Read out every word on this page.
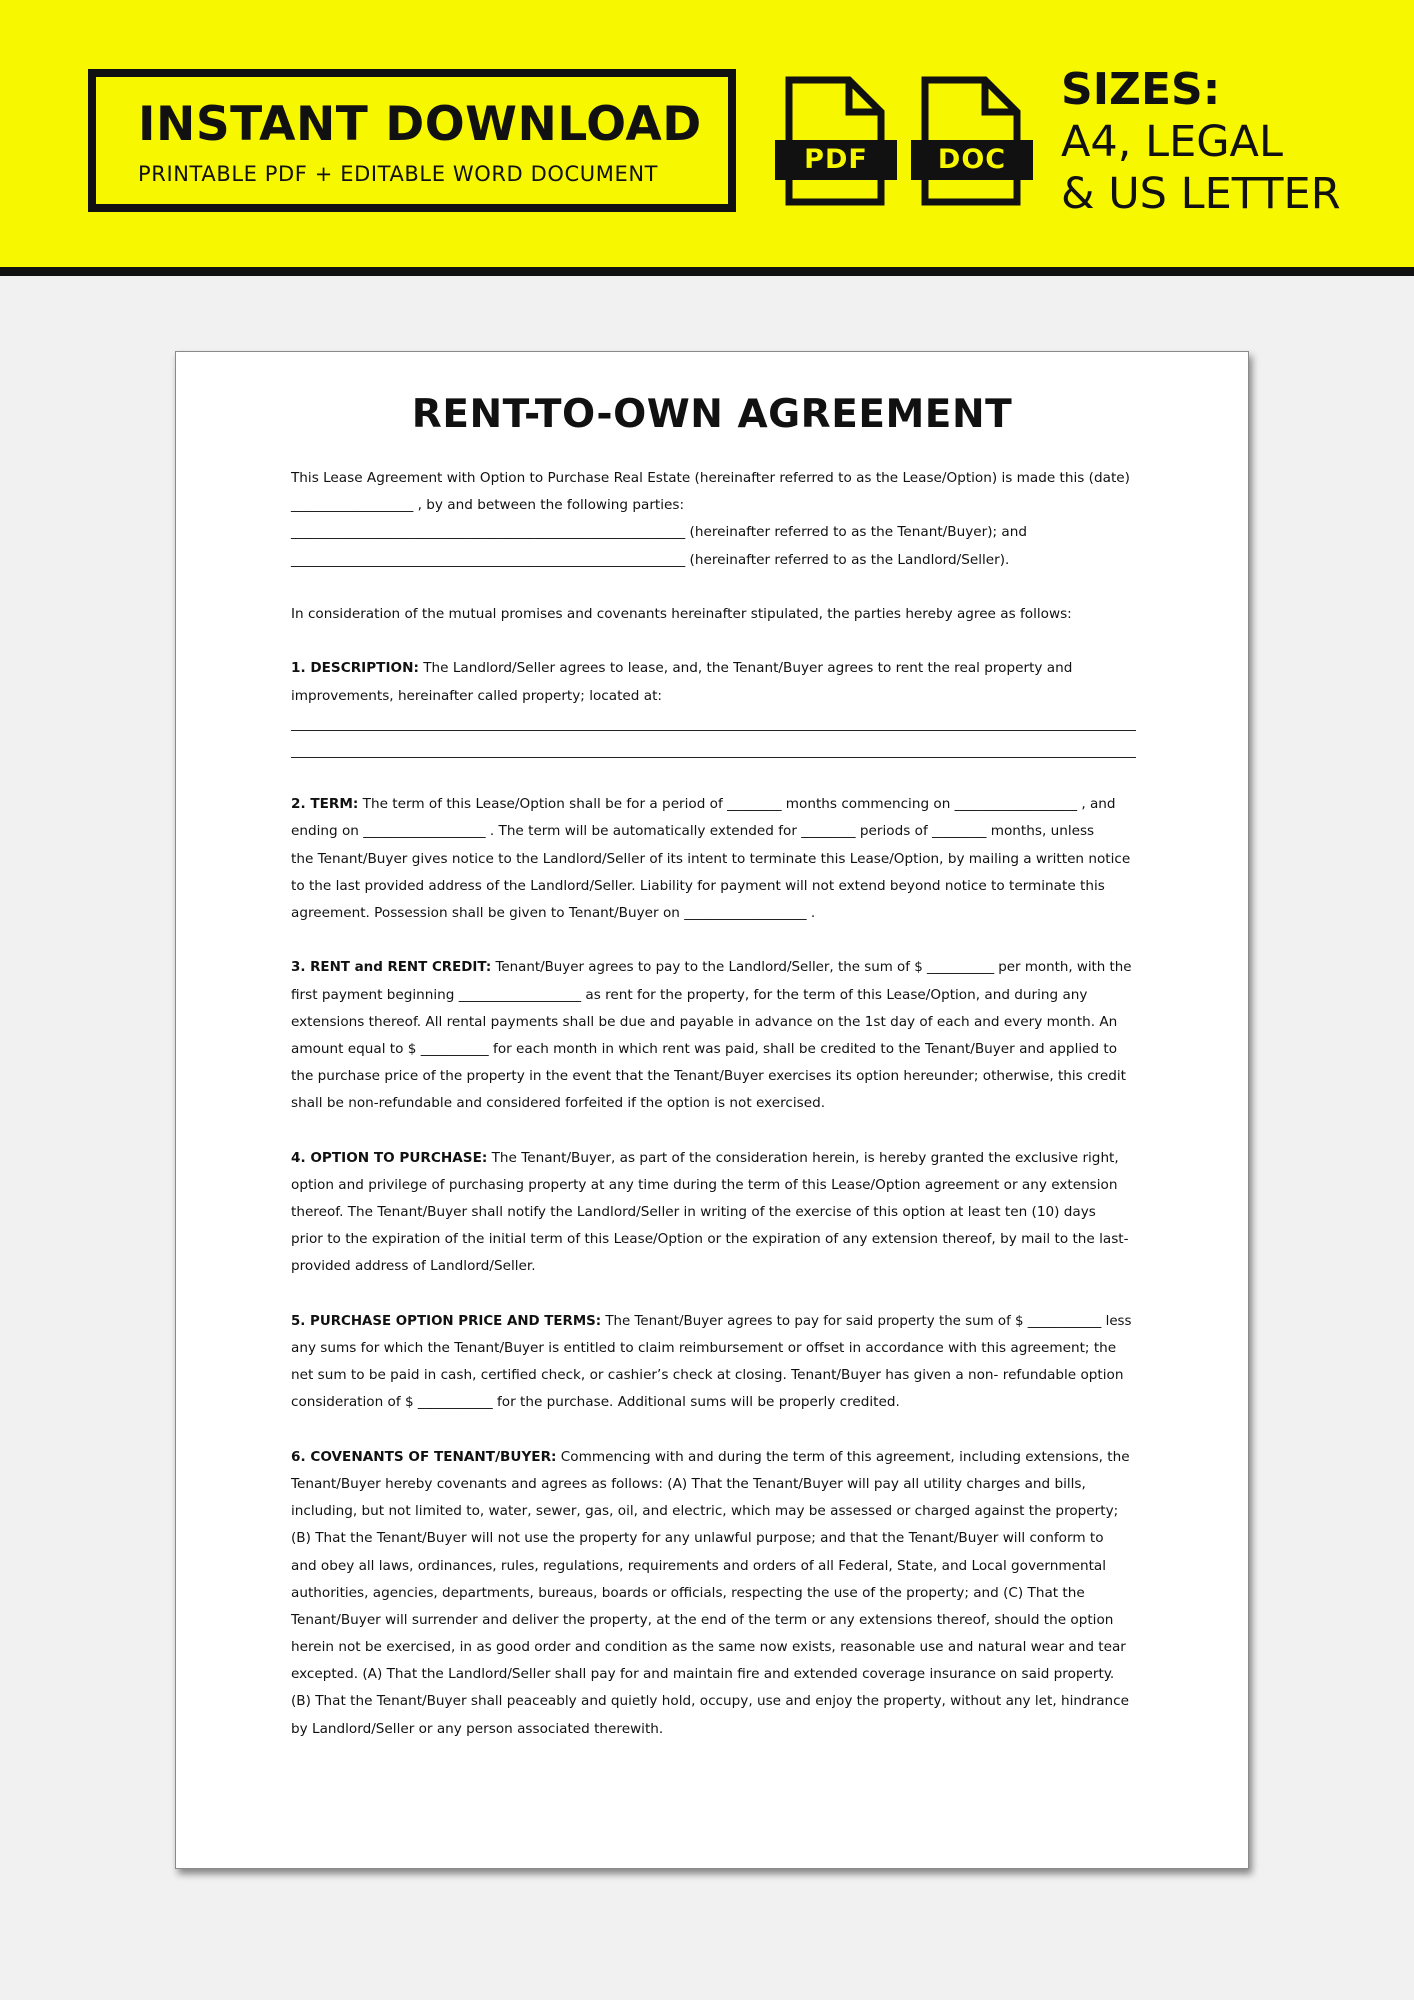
INSTANT DOWNLOAD
PRINTABLE PDF + EDITABLE WORD DOCUMENT	PDF	DOC
SIZES:
A4, LEGAL
& US LETTER
RENT-TO-OWN AGREEMENT
This Lease Agreement with Option to Purchase Real Estate (hereinafter referred to as the Lease/Option) is made this (date)
__________________ , by and between the following parties:
__________________________________________________________ (hereinafter referred to as the Tenant/Buyer); and
__________________________________________________________ (hereinafter referred to as the Landlord/Seller).
In consideration of the mutual promises and covenants hereinafter stipulated, the parties hereby agree as follows:
1. DESCRIPTION: The Landlord/Seller agrees to lease, and, the Tenant/Buyer agrees to rent the real property and
improvements, hereinafter called property; located at:
2. TERM: The term of this Lease/Option shall be for a period of ________ months commencing on __________________ , and
ending on __________________ . The term will be automatically extended for ________ periods of ________ months, unless
the Tenant/Buyer gives notice to the Landlord/Seller of its intent to terminate this Lease/Option, by mailing a written notice
to the last provided address of the Landlord/Seller. Liability for payment will not extend beyond notice to terminate this
agreement. Possession shall be given to Tenant/Buyer on __________________ .
3. RENT and RENT CREDIT: Tenant/Buyer agrees to pay to the Landlord/Seller, the sum of $ __________ per month, with the
first payment beginning __________________ as rent for the property, for the term of this Lease/Option, and during any
extensions thereof. All rental payments shall be due and payable in advance on the 1st day of each and every month. An
amount equal to $ __________ for each month in which rent was paid, shall be credited to the Tenant/Buyer and applied to
the purchase price of the property in the event that the Tenant/Buyer exercises its option hereunder; otherwise, this credit
shall be non-refundable and considered forfeited if the option is not exercised.
4. OPTION TO PURCHASE: The Tenant/Buyer, as part of the consideration herein, is hereby granted the exclusive right,
option and privilege of purchasing property at any time during the term of this Lease/Option agreement or any extension
thereof. The Tenant/Buyer shall notify the Landlord/Seller in writing of the exercise of this option at least ten (10) days
prior to the expiration of the initial term of this Lease/Option or the expiration of any extension thereof, by mail to the last-
provided address of Landlord/Seller.
5. PURCHASE OPTION PRICE AND TERMS: The Tenant/Buyer agrees to pay for said property the sum of $ ___________ less
any sums for which the Tenant/Buyer is entitled to claim reimbursement or offset in accordance with this agreement; the
net sum to be paid in cash, certified check, or cashier’s check at closing. Tenant/Buyer has given a non- refundable option
consideration of $ ___________ for the purchase. Additional sums will be properly credited.
6. COVENANTS OF TENANT/BUYER: Commencing with and during the term of this agreement, including extensions, the
Tenant/Buyer hereby covenants and agrees as follows: (A) That the Tenant/Buyer will pay all utility charges and bills,
including, but not limited to, water, sewer, gas, oil, and electric, which may be assessed or charged against the property;
(B) That the Tenant/Buyer will not use the property for any unlawful purpose; and that the Tenant/Buyer will conform to
and obey all laws, ordinances, rules, regulations, requirements and orders of all Federal, State, and Local governmental
authorities, agencies, departments, bureaus, boards or officials, respecting the use of the property; and (C) That the
Tenant/Buyer will surrender and deliver the property, at the end of the term or any extensions thereof, should the option
herein not be exercised, in as good order and condition as the same now exists, reasonable use and natural wear and tear
excepted. (A) That the Landlord/Seller shall pay for and maintain fire and extended coverage insurance on said property.
(B) That the Tenant/Buyer shall peaceably and quietly hold, occupy, use and enjoy the property, without any let, hindrance
by Landlord/Seller or any person associated therewith.
